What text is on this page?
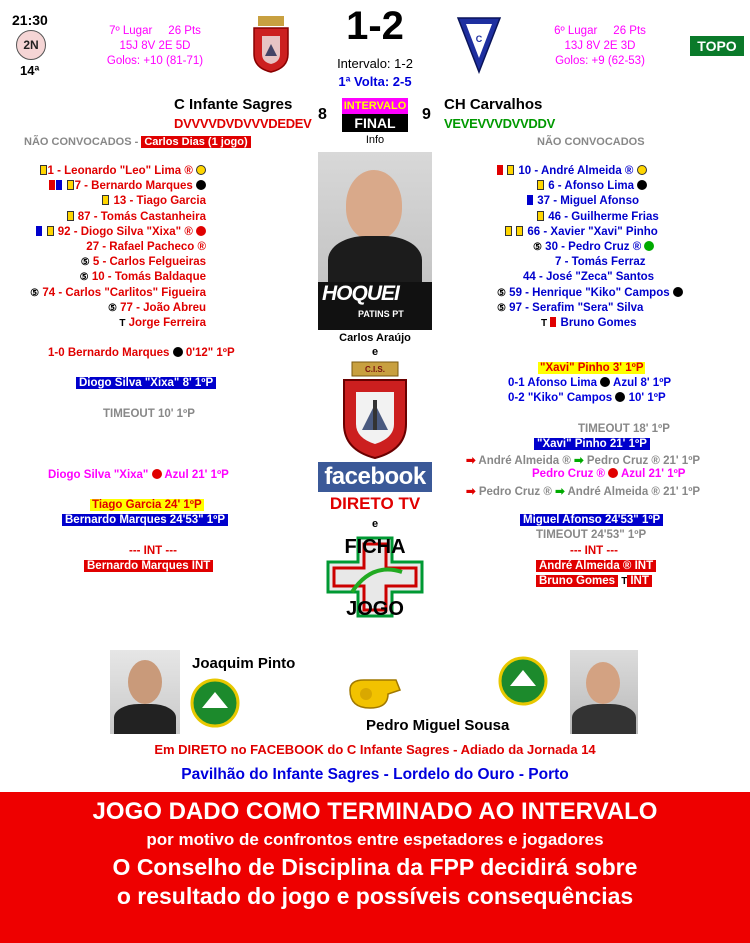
21:30
2N
14ª
7º Lugar 26 Pts
15J 8V 2E 5D
Golos: +10 (81-71)
1-2
Intervalo: 1-2
1ª Volta: 2-5
C
6º Lugar 26 Pts
13J 8V 2E 3D
Golos: +9 (62-53)
TOPO
C Infante Sagres
8
DVVVVDVDVVVDEDEV
INTERVALO
FINAL
Info
9
CH Carvalhos
VEVEVVVDVVDDV
NÃO CONVOCADOS - Carlos Dias (1 jogo)	NÃO CONVOCADOS
1 - Leonardo "Leo" Lima ®
7 - Bernardo Marques
13 - Tiago Garcia
87 - Tomás Castanheira
92 - Diogo Silva "Xixa" ®
27 - Rafael Pacheco ®
⑤ 5 - Carlos Felgueiras
⑤ 10 - Tomás Baldaque
⑤ 74 - Carlos "Carlitos" Figueira
⑤ 77 - João Abreu
T Jorge Ferreira
10 - André Almeida ®
6 - Afonso Lima
37 - Miguel Afonso
46 - Guilherme Frias
66 - Xavier "Xavi" Pinho
⑤ 30 - Pedro Cruz ®
7 - Tomás Ferraz
44 - José "Zeca" Santos
⑤ 59 - Henrique "Kiko" Campos
⑤ 97 - Serafim "Sera" Silva
T Bruno Gomes
HOQUEI
PATINS PT
Carlos Araújo
e
C.I.S.
facebook
DIRETO TV
e
FICHA
JOGO
1-0 Bernardo Marques 0'12" 1ºP
Diogo Silva "Xixa" 8' 1ºP
TIMEOUT 10' 1ºP
Diogo Silva "Xixa" Azul 21' 1ºP
Tiago Garcia 24' 1ºP
Bernardo Marques 24'53" 1ºP
--- INT ---
Bernardo Marques INT
"Xavi" Pinho 3' 1ºP
0-1 Afonso Lima Azul 8' 1ºP
0-2 "Kiko" Campos 10' 1ºP
TIMEOUT 18' 1ºP
"Xavi" Pinho 21' 1ºP
➡ André Almeida ® ➡ Pedro Cruz ® 21' 1ºP
Pedro Cruz ® Azul 21' 1ºP
➡ Pedro Cruz ® ➡ André Almeida ® 21' 1ºP
Miguel Afonso 24'53" 1ºP
TIMEOUT 24'53" 1ºP
--- INT ---
André Almeida ® INT
Bruno Gomes T INT
Joaquim Pinto
Pedro Miguel Sousa
Em DIRETO no FACEBOOK do C Infante Sagres - Adiado da Jornada 14
Pavilhão do Infante Sagres - Lordelo do Ouro - Porto
JOGO DADO COMO TERMINADO AO INTERVALO
por motivo de confrontos entre espetadores e jogadores
O Conselho de Disciplina da FPP decidirá sobre
o resultado do jogo e possíveis consequências
